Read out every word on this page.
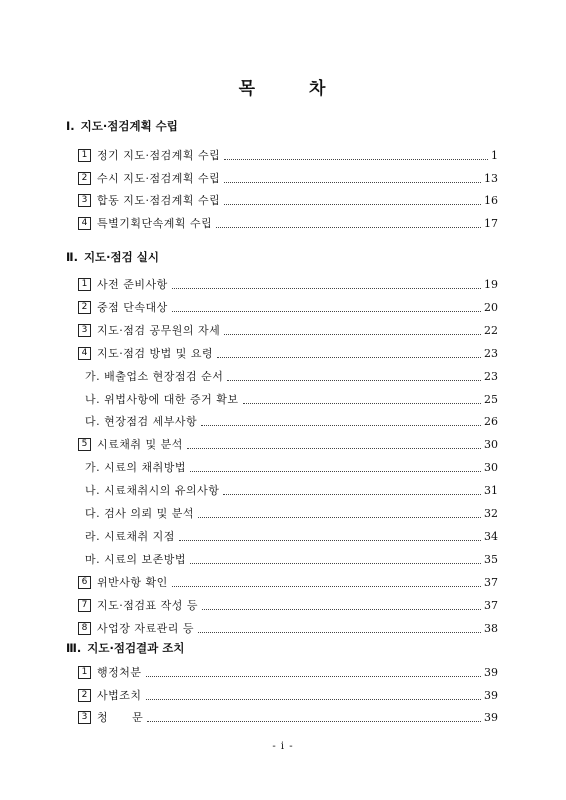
목	차
Ⅰ. 지도·점검계획 수립
1 정기 지도·점검계획 수립	1
2 수시 지도·점검계획 수립	13
3 합동 지도·점검계획 수립	16
4 특별기획단속계획 수립	17
Ⅱ. 지도·점검 실시
1 사전 준비사항	19
2 중점 단속대상	20
3 지도·점검 공무원의 자세	22
4 지도·점검 방법 및 요령	23
가. 배출업소 현장점검 순서	23
나. 위법사항에 대한 증거 확보	25
다. 현장점검 세부사항	26
5 시료채취 및 분석	30
가. 시료의 채취방법	30
나. 시료채취시의 유의사항	31
다. 검사 의뢰 및 분석	32
라. 시료채취 지점	34
마. 시료의 보존방법	35
6 위반사항 확인	37
7 지도·점검표 작성 등	37
8 사업장 자료관리 등	38
Ⅲ. 지도·점검결과 조치
1 행정처분	39
2 사법조치	39
3 청      문	39
- i -
